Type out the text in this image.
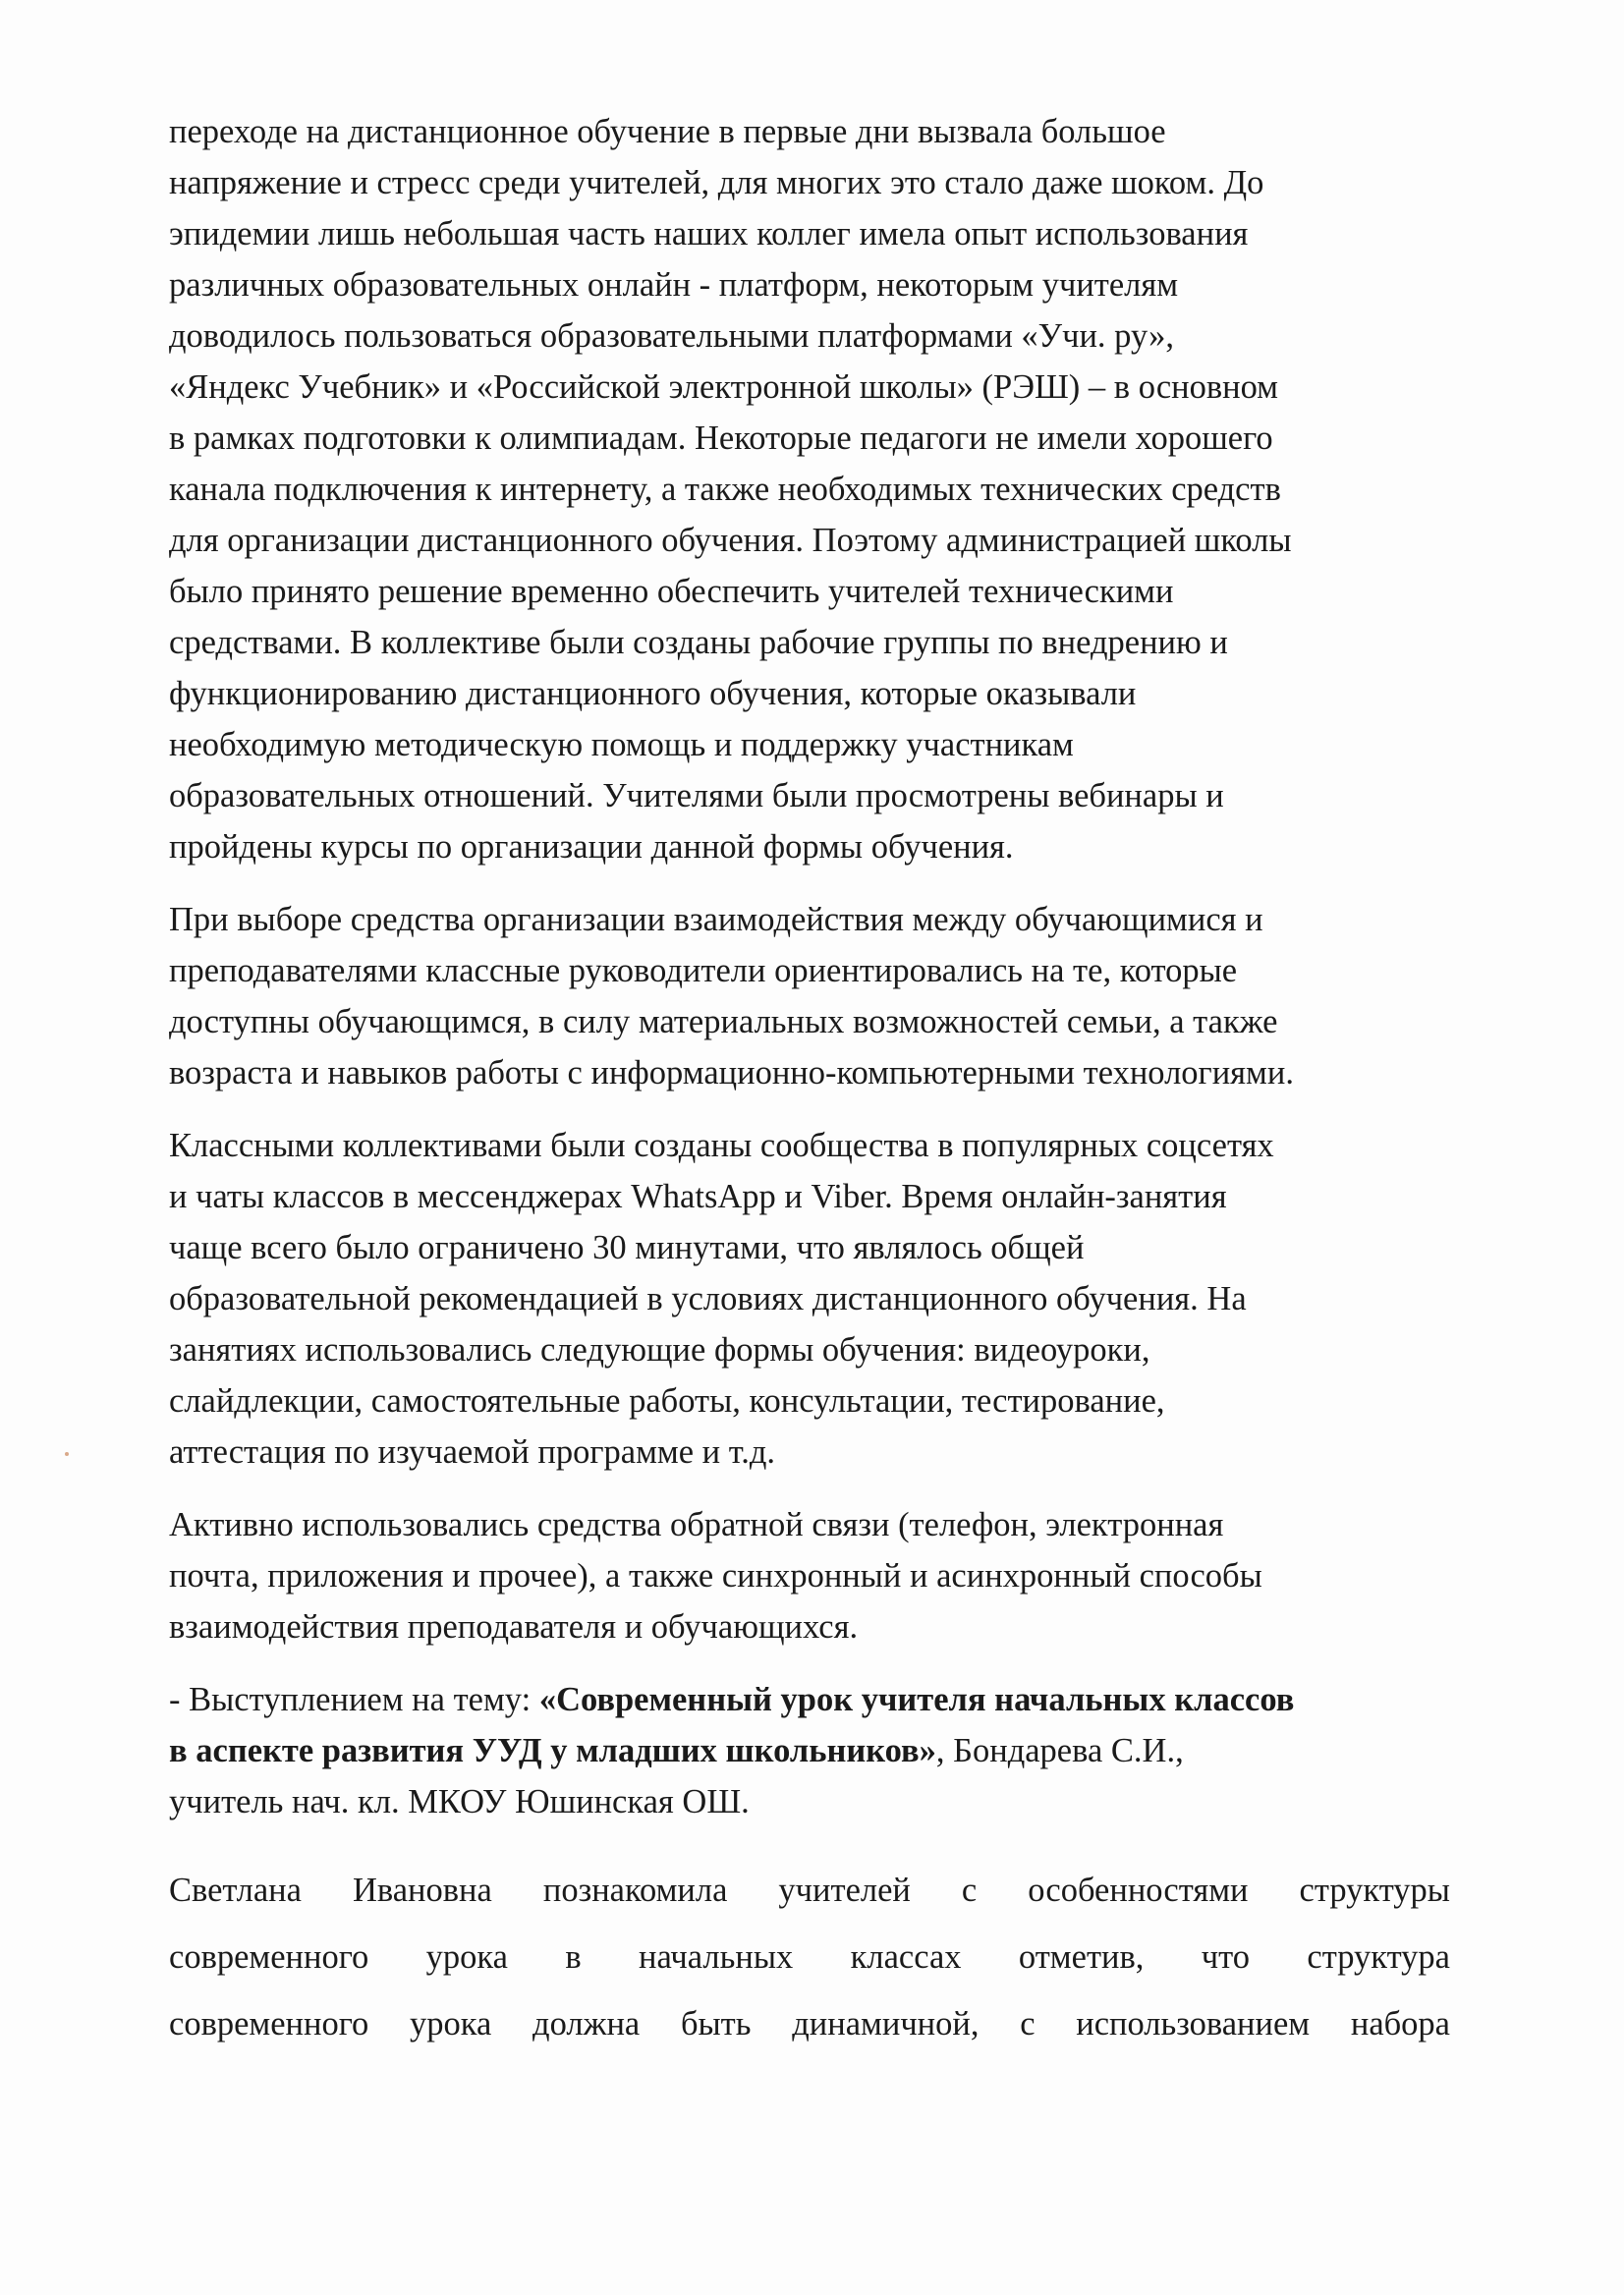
переходе на дистанционное обучение в первые дни вызвала большое
напряжение и стресс среди учителей, для многих это стало даже шоком. До
эпидемии лишь небольшая часть наших коллег имела опыт использования
различных образовательных онлайн - платформ, некоторым учителям
доводилось пользоваться образовательными платформами «Учи. ру»,
«Яндекс Учебник» и «Российской электронной школы» (РЭШ) – в основном
в рамках подготовки к олимпиадам. Некоторые педагоги не имели хорошего
канала подключения к интернету, а также необходимых технических средств
для организации дистанционного обучения. Поэтому администрацией школы
было принято решение временно обеспечить учителей техническими
средствами. В коллективе были созданы рабочие группы по внедрению и
функционированию дистанционного обучения, которые оказывали
необходимую методическую помощь и поддержку участникам
образовательных отношений. Учителями были просмотрены вебинары и
пройдены курсы по организации данной формы обучения.
При выборе средства организации взаимодействия между обучающимися и
преподавателями классные руководители ориентировались на те, которые
доступны обучающимся, в силу материальных возможностей семьи, а также
возраста и навыков работы с информационно-компьютерными технологиями.
Классными коллективами были созданы сообщества в популярных соцсетях
и чаты классов в мессенджерах WhatsApp и Viber. Время онлайн-занятия
чаще всего было ограничено 30 минутами, что являлось общей
образовательной рекомендацией в условиях дистанционного обучения. На
занятиях использовались следующие формы обучения: видеоуроки,
слайдлекции, самостоятельные работы, консультации, тестирование,
аттестация по изучаемой программе и т.д.
Активно использовались средства обратной связи (телефон, электронная
почта, приложения и прочее), а также синхронный и асинхронный способы
взаимодействия преподавателя и обучающихся.
- Выступлением на тему: «Современный урок учителя начальных классов
в аспекте развития УУД у младших школьников», Бондарева С.И.,
учитель нач. кл. МКОУ Юшинская ОШ.
Светлана Ивановна познакомила учителей с особенностями структуры
современного урока в начальных классах отметив, что структура
современного урока должна быть динамичной, с использованием набора
